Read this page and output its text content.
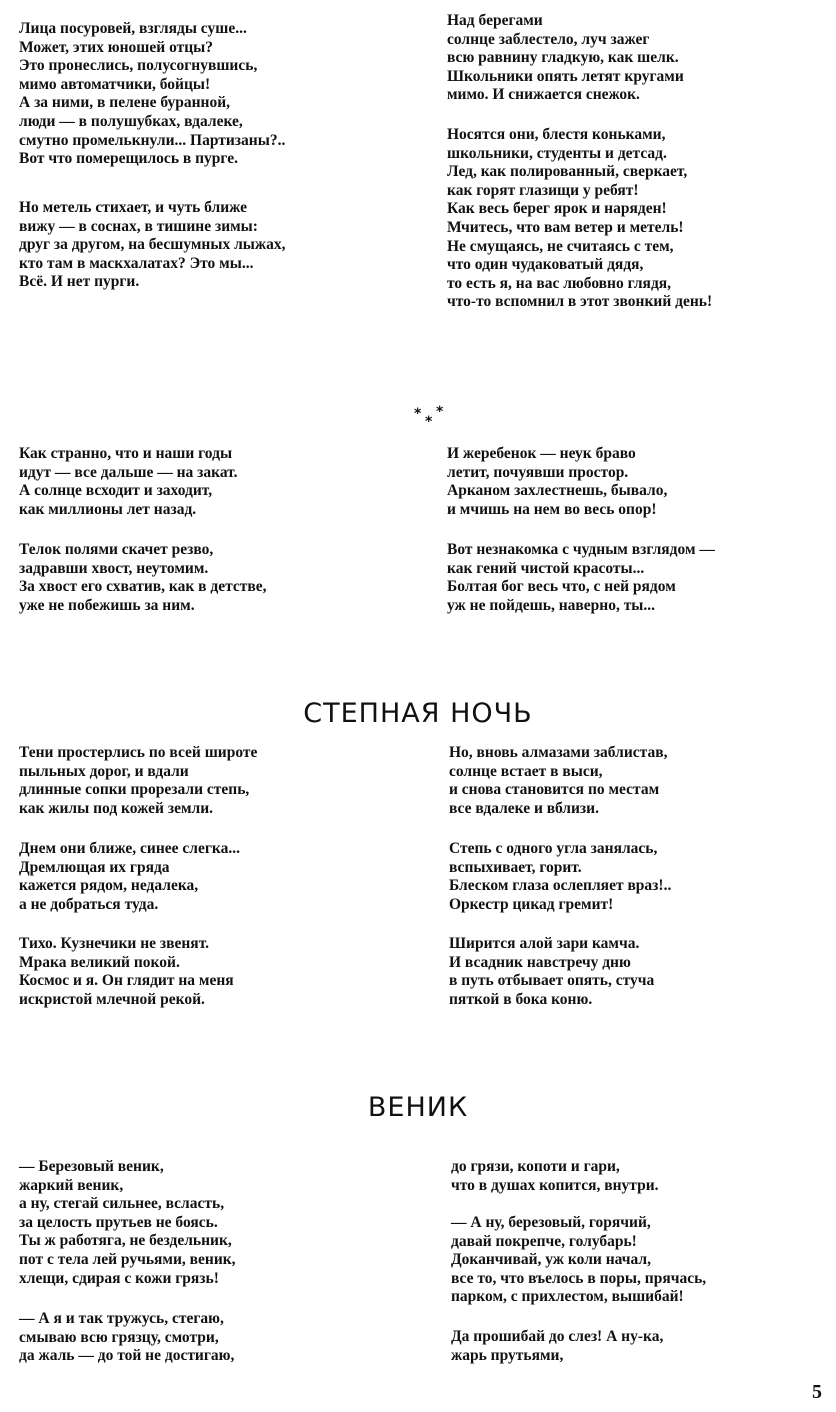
Лица посуровей, взгляды суше...
Может, этих юношей отцы?
Это пронеслись, полусогнувшись,
мимо автоматчики, бойцы!
А за ними, в пелене буранной,
люди — в полушубках, вдалеке,
смутно промелькнули... Партизаны?..
Вот что померещилось в пурге.
Но метель стихает, и чуть ближе
вижу — в соснах, в тишине зимы:
друг за другом, на бесшумных лыжах,
кто там в маскхалатах? Это мы...
Всё. И нет пурги.
Над берегами
солнце заблестело, луч зажег
всю равнину гладкую, как шелк.
Школьники опять летят кругами
мимо. И снижается снежок.
Носятся они, блестя коньками,
школьники, студенты и детсад.
Лед, как полированный, сверкает,
как горят глазищи у ребят!
Как весь берег ярок и наряден!
Мчитесь, что вам ветер и метель!
Не смущаясь, не считаясь с тем,
что один чудаковатый дядя,
то есть я, на вас любовно глядя,
что-то вспомнил в этот звонкий день!
* *
*
Как странно, что и наши годы
идут — все дальше — на закат.
А солнце всходит и заходит,
как миллионы лет назад.
Телок полями скачет резво,
задравши хвост, неутомим.
За хвост его схватив, как в детстве,
уже не побежишь за ним.
И жеребенок — неук браво
летит, почуявши простор.
Арканом захлестнешь, бывало,
и мчишь на нем во весь опор!
Вот незнакомка с чудным взглядом —
как гений чистой красоты...
Болтая бог весь что, с ней рядом
уж не пойдешь, наверно, ты...
СТЕПНАЯ НОЧЬ
Тени простерлись по всей широте
пыльных дорог, и вдали
длинные сопки прорезали степь,
как жилы под кожей земли.
Днем они ближе, синее слегка...
Дремлющая их гряда
кажется рядом, недалека,
а не добраться туда.
Тихо. Кузнечики не звенят.
Мрака великий покой.
Космос и я. Он глядит на меня
искристой млечной рекой.
Но, вновь алмазами заблистав,
солнце встает в выси,
и снова становится по местам
все вдалеке и вблизи.
Степь с одного угла занялась,
вспыхивает, горит.
Блеском глаза ослепляет враз!..
Оркестр цикад гремит!
Ширится алой зари камча.
И всадник навстречу дню
в путь отбывает опять, стуча
пяткой в бока коню.
ВЕНИК
— Березовый веник,
жаркий веник,
а ну, стегай сильнее, всласть,
за целость прутьев не боясь.
Ты ж работяга, не бездельник,
пот с тела лей ручьями, веник,
хлещи, сдирая с кожи грязь!
— А я и так тружусь, стегаю,
смываю всю грязцу, смотри,
да жаль — до той не достигаю,
до грязи, копоти и гари,
что в душах копится, внутри.
— А ну, березовый, горячий,
давай покрепче, голубарь!
Доканчивай, уж коли начал,
все то, что въелось в поры, прячась,
парком, с прихлестом, вышибай!
Да прошибай до слез! А ну-ка,
жарь прутьями,
5
